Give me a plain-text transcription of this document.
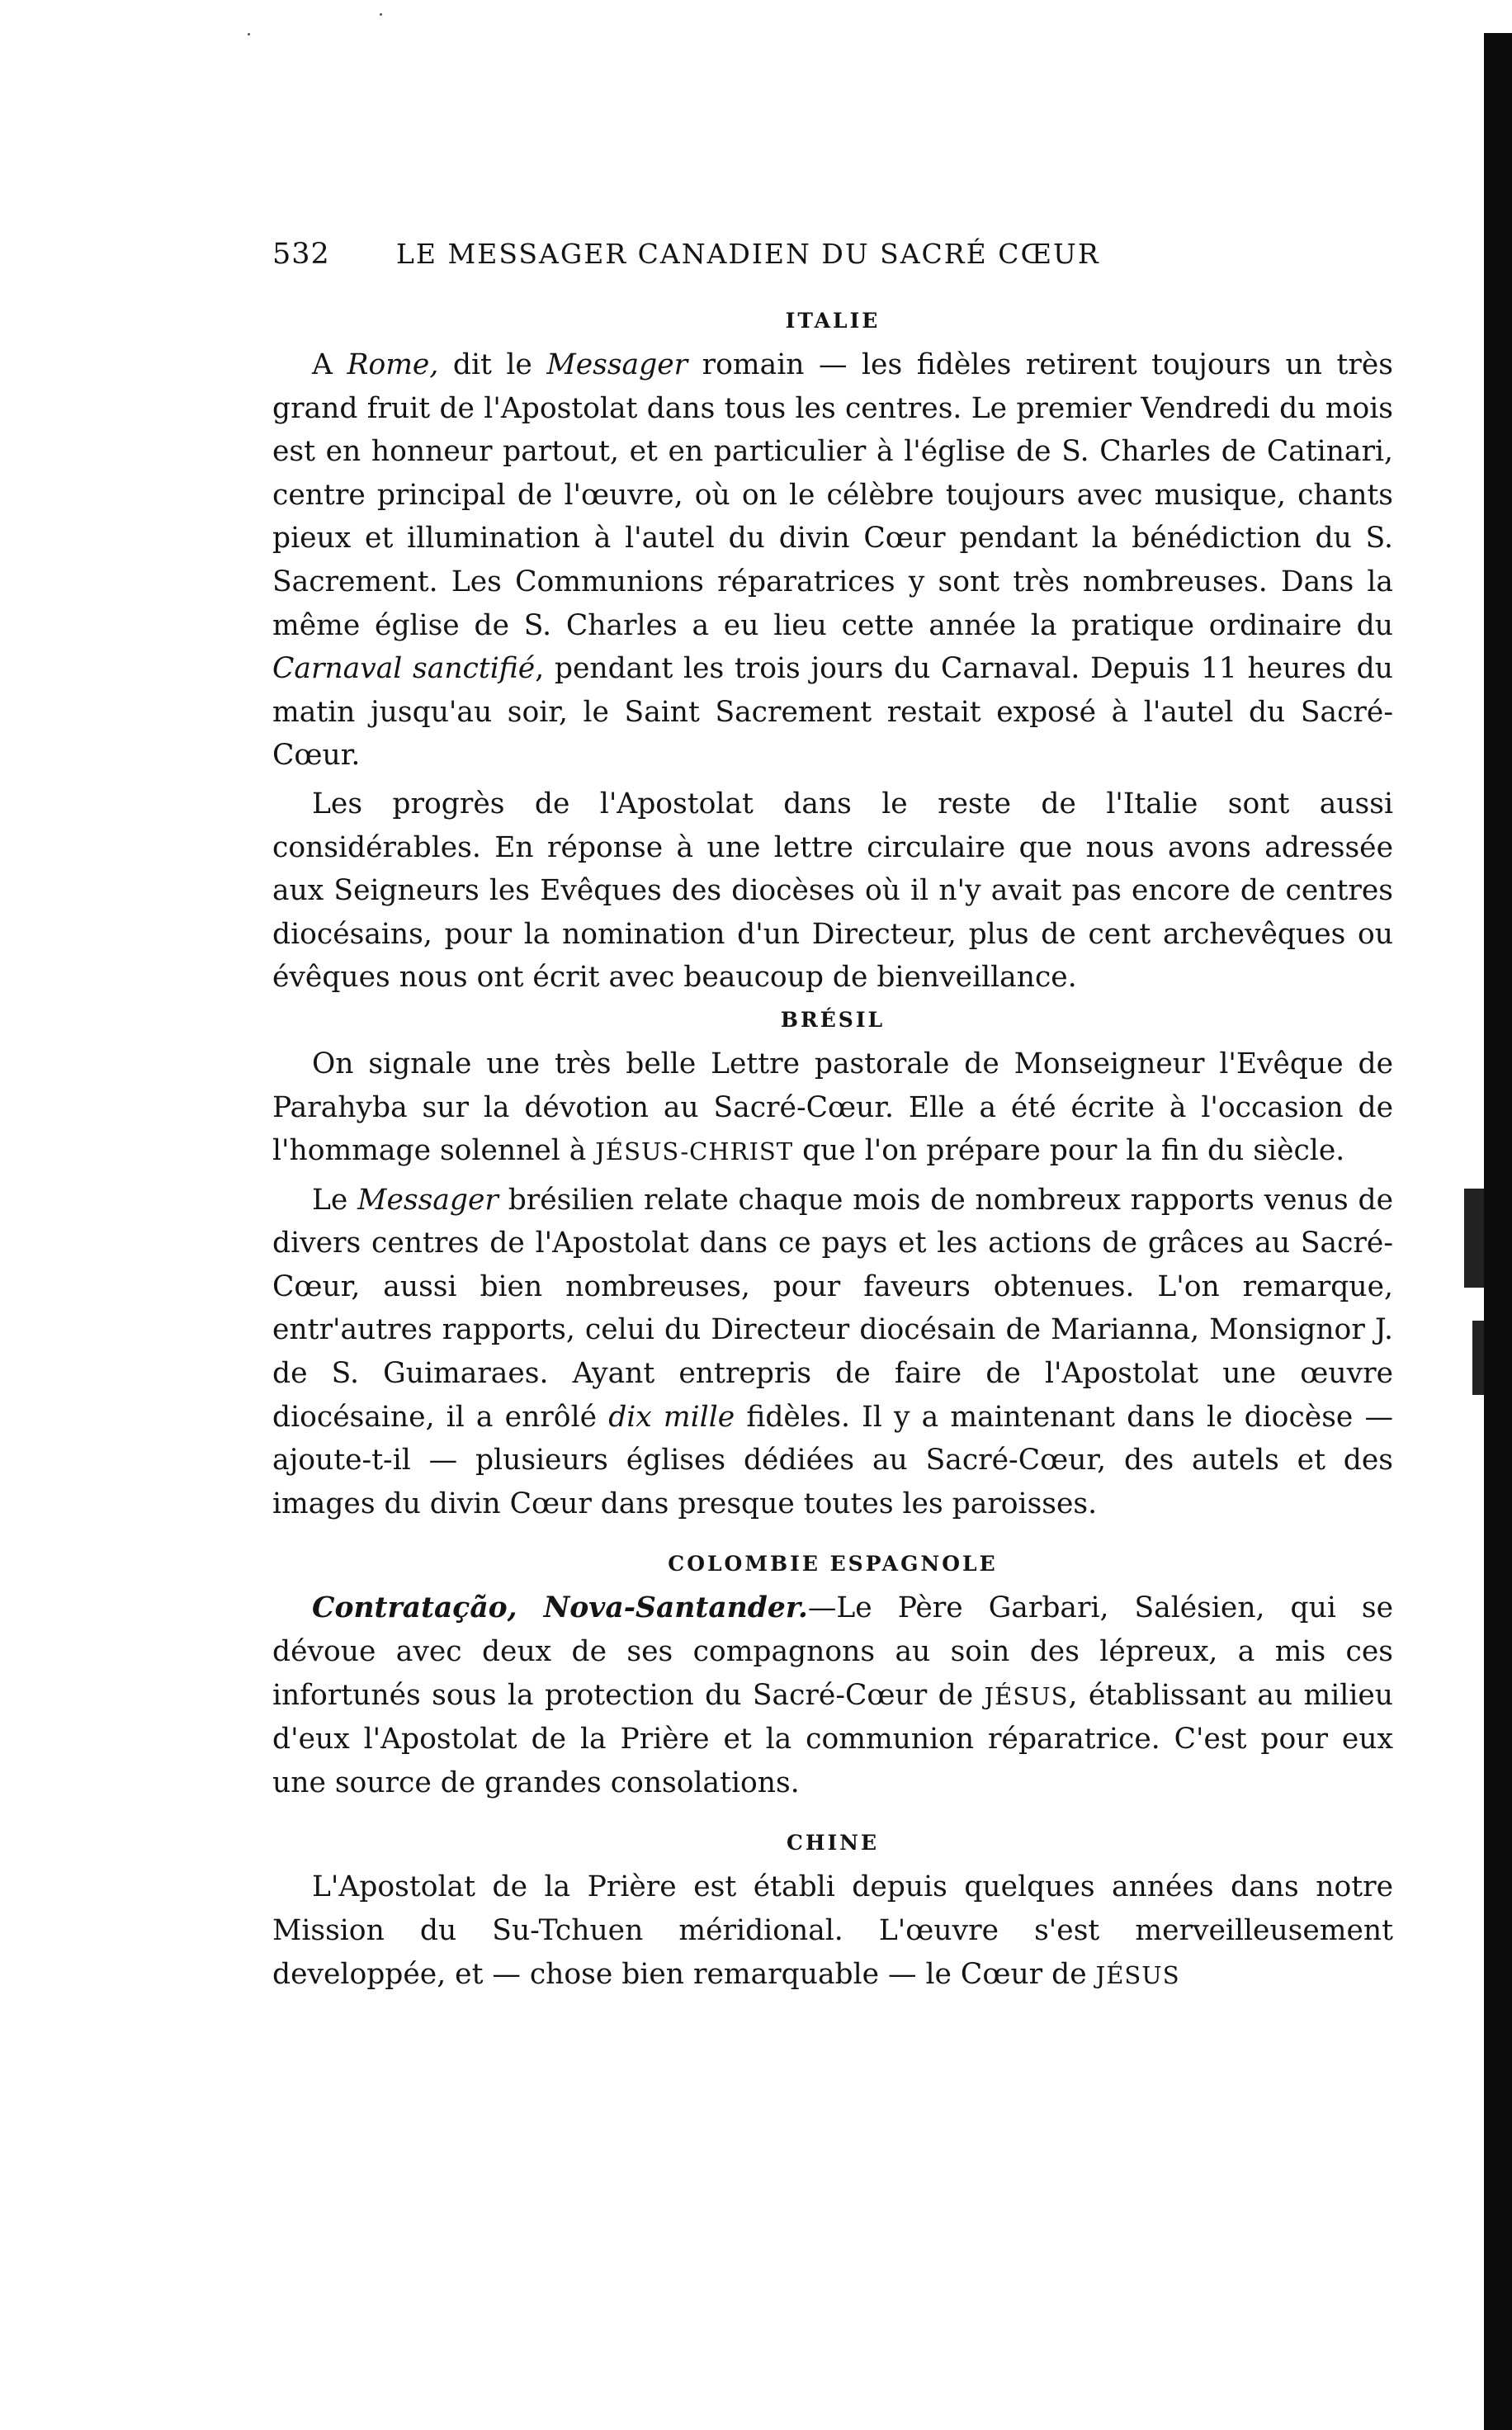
532	LE MESSAGER CANADIEN DU SACRÉ CŒUR
ITALIE

A Rome, dit le Messager romain — les fidèles retirent toujours un très grand fruit de l'Apostolat dans tous les centres. Le premier Vendredi du mois est en honneur partout, et en particulier à l'église de S. Charles de Catinari, centre principal de l'œuvre, où on le célèbre toujours avec musique, chants pieux et illumination à l'autel du divin Cœur pendant la bénédiction du S. Sacrement. Les Communions réparatrices y sont très nombreuses. Dans la même église de S. Charles a eu lieu cette année la pratique ordinaire du Carnaval sanctifié, pendant les trois jours du Carnaval. Depuis 11 heures du matin jusqu'au soir, le Saint Sacrement restait exposé à l'autel du Sacré-Cœur.

Les progrès de l'Apostolat dans le reste de l'Italie sont aussi considérables. En réponse à une lettre circulaire que nous avons adressée aux Seigneurs les Evêques des diocèses où il n'y avait pas encore de centres diocésains, pour la nomination d'un Directeur, plus de cent archevêques ou évêques nous ont écrit avec beaucoup de bienveillance.

BRÉSIL

On signale une très belle Lettre pastorale de Monseigneur l'Evêque de Parahyba sur la dévotion au Sacré-Cœur. Elle a été écrite à l'occasion de l'hommage solennel à JÉSUS-CHRIST que l'on prépare pour la fin du siècle.

Le Messager brésilien relate chaque mois de nombreux rapports venus de divers centres de l'Apostolat dans ce pays et les actions de grâces au Sacré-Cœur, aussi bien nombreuses, pour faveurs obtenues. L'on remarque, entr'autres rapports, celui du Directeur diocésain de Marianna, Monsignor J. de S. Guimaraes. Ayant entrepris de faire de l'Apostolat une œuvre diocésaine, il a enrôlé dix mille fidèles. Il y a maintenant dans le diocèse — ajoute-t-il — plusieurs églises dédiées au Sacré-Cœur, des autels et des images du divin Cœur dans presque toutes les paroisses.

COLOMBIE ESPAGNOLE

Contratação, Nova-Santander.—Le Père Garbari, Salésien, qui se dévoue avec deux de ses compagnons au soin des lépreux, a mis ces infortunés sous la protection du Sacré-Cœur de JÉSUS, établissant au milieu d'eux l'Apostolat de la Prière et la communion réparatrice. C'est pour eux une source de grandes consolations.

CHINE

L'Apostolat de la Prière est établi depuis quelques années dans notre Mission du Su-Tchuen méridional. L'œuvre s'est merveilleusement developpée, et — chose bien remarquable — le Cœur de JÉSUS
